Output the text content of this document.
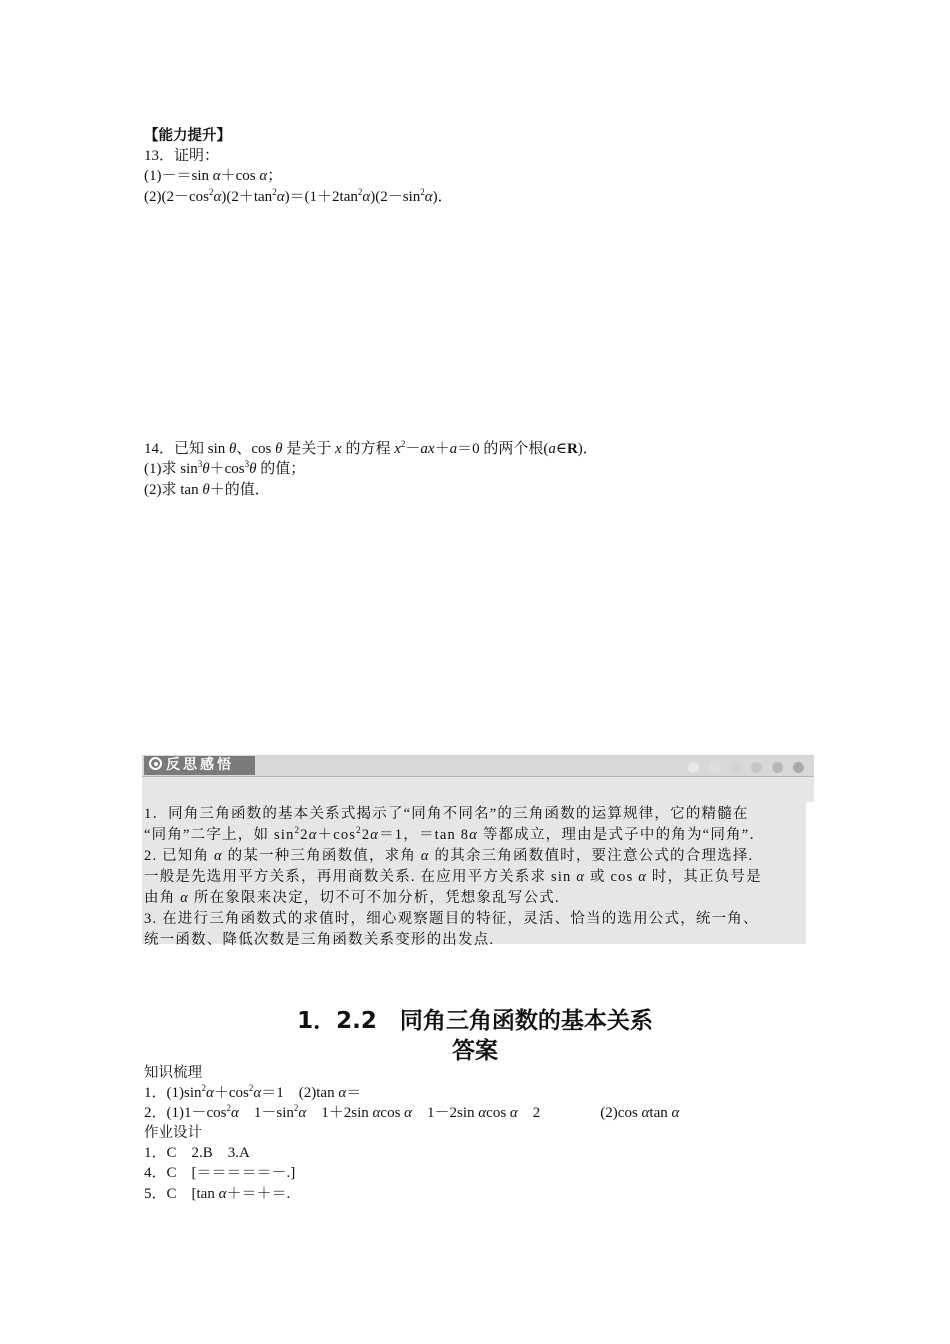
【能力提升】
13．证明：
(1)－＝sin α＋cos α；
$(2)(2-\cos^2\alpha)(2+\tan^2\alpha)=(1+2\tan^2\alpha)(2-\sin^2\alpha)$．
14．已知 sin θ、cos θ 是关于 x 的方程 $x^2-ax+a=0$ 的两个根(a∈R)．
(1)求 $\sin^3\theta+\cos^3\theta$ 的值；
(2)求 tan θ＋的值．
反思感悟
1．同角三角函数的基本关系式揭示了“同角不同名”的三角函数的运算规律，它的精髓在
“同角”二字上，如 $\sin^22\alpha+\cos^22\alpha=1$，＝tan 8α 等都成立，理由是式子中的角为“同角”．
2. 已知角 α 的某一种三角函数值，求角 α 的其余三角函数值时，要注意公式的合理选择.
一般是先选用平方关系，再用商数关系. 在应用平方关系求 sin α 或 cos α 时，其正负号是
由角 α 所在象限来决定，切不可不加分析，凭想象乱写公式.
3. 在进行三角函数式的求值时，细心观察题目的特征，灵活、恰当的选用公式，统一角、
统一函数、降低次数是三角函数关系变形的出发点.
1．2.2　同角三角函数的基本关系
答案
知识梳理
1．$(1)\sin^2\alpha+\cos^2\alpha=1$　(2)tan α＝
2．$(1)1-\cos^2\alpha$　$1-\sin^2\alpha$　1＋2sin αcos α　1－2sin αcos α　2　　　　(2)cos αtan α
作业设计
1．C　2.B　3.A
4．C　[＝＝＝＝＝－.]
5．C　[tan α＋＝＋＝.
